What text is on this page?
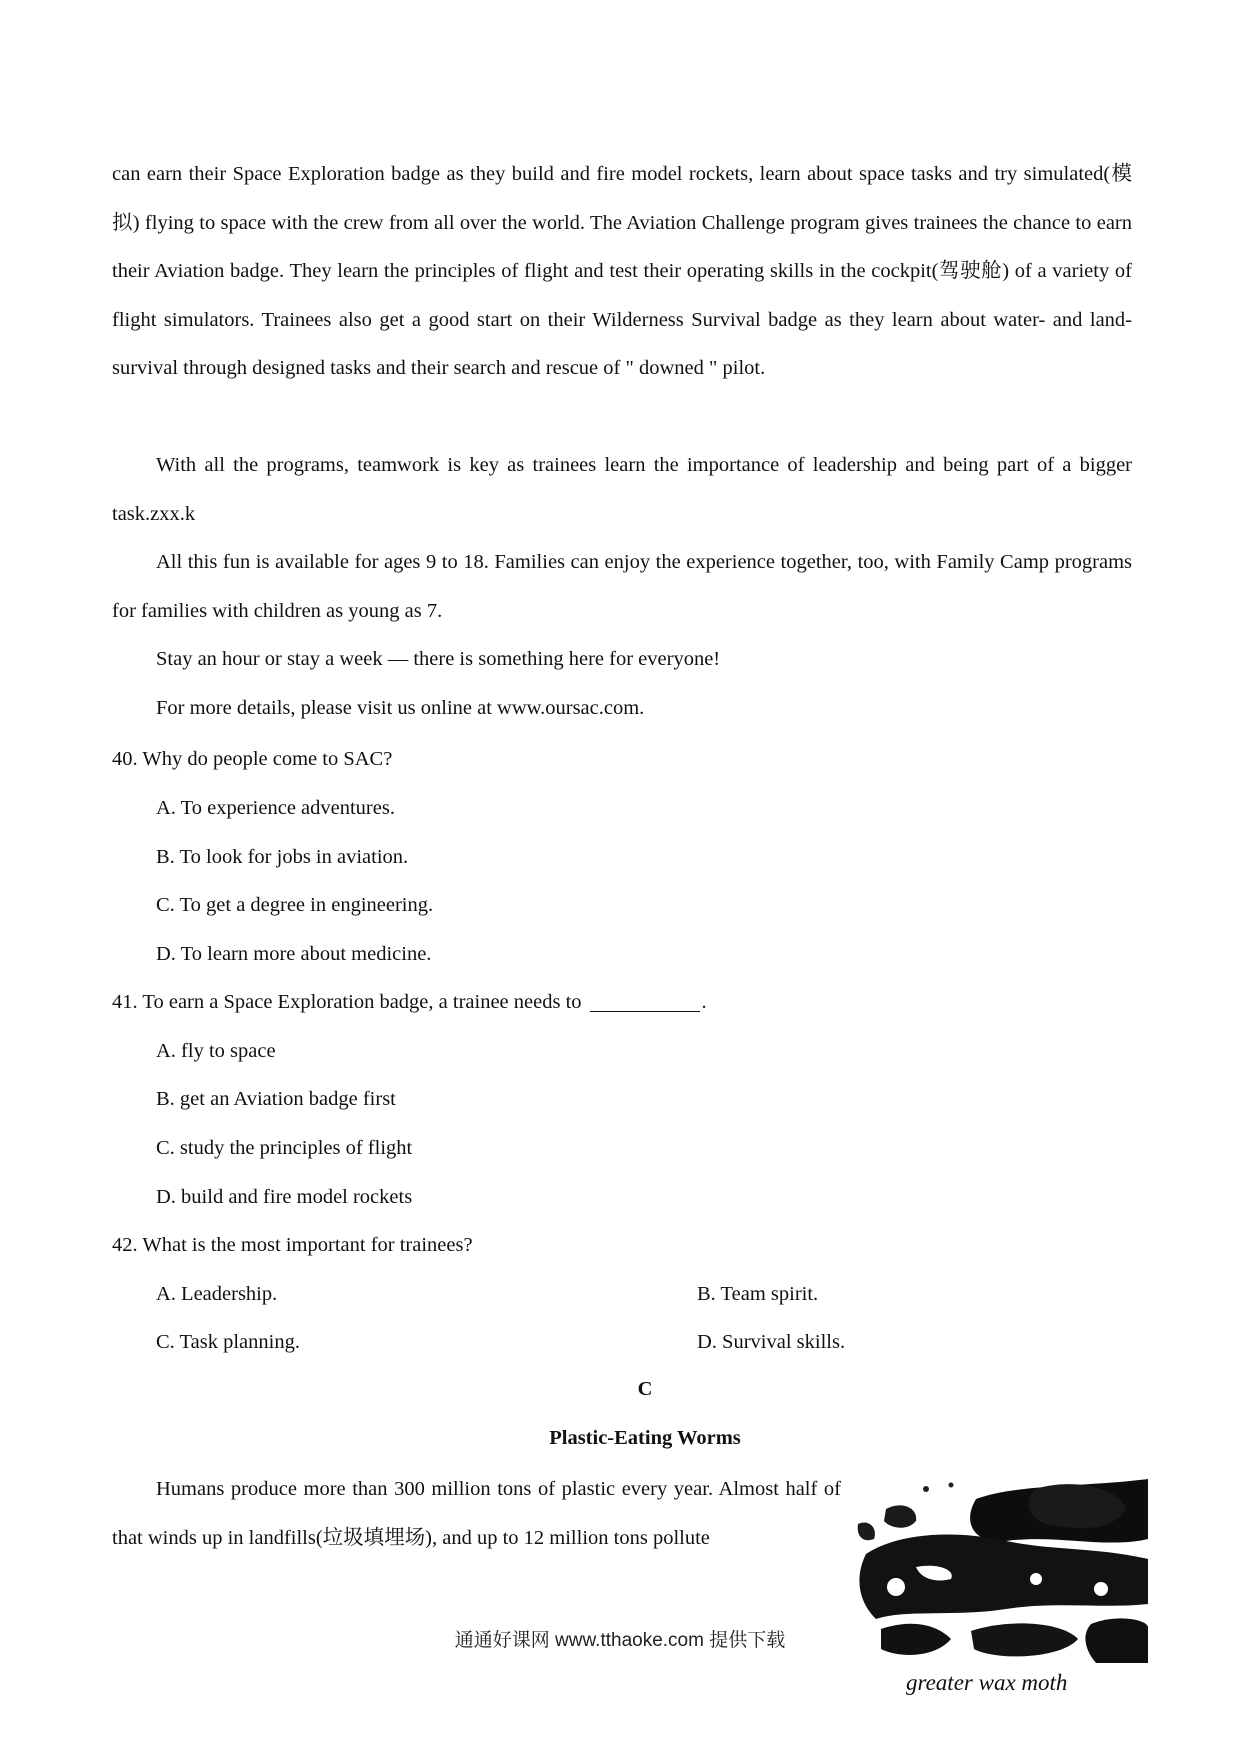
can earn their Space Exploration badge as they build and fire model rockets, learn about space tasks and try simulated(模拟) flying to space with the crew from all over the world. The Aviation Challenge program gives trainees the chance to earn their Aviation badge. They learn the principles of flight and test their operating skills in the cockpit(驾驶舱) of a variety of flight simulators. Trainees also get a good start on their Wilderness Survival badge as they learn about water- and land-survival through designed tasks and their search and rescue of " downed " pilot.
With all the programs, teamwork is key as trainees learn the importance of leadership and being part of a bigger task.zxx.k
All this fun is available for ages 9 to 18. Families can enjoy the experience together, too, with Family Camp programs for families with children as young as 7.
Stay an hour or stay a week — there is something here for everyone!
For more details, please visit us online at www.oursac.com.
40. Why do people come to SAC?
A. To experience adventures.
B. To look for jobs in aviation.
C. To get a degree in engineering.
D. To learn more about medicine.
41. To earn a Space Exploration badge, a trainee needs to	.
A. fly to space
B. get an Aviation badge first
C. study the principles of flight
D. build and fire model rockets
42. What is the most important for trainees?
A. Leadership.	B. Team spirit.
C. Task planning.	D. Survival skills.
C
Plastic-Eating Worms
Humans produce more than 300 million tons of plastic every year. Almost half of that winds up in landfills(垃圾填埋场), and up to 12 million tons pollute
greater wax moth
通通好课网 www.tthaoke.com 提供下载
